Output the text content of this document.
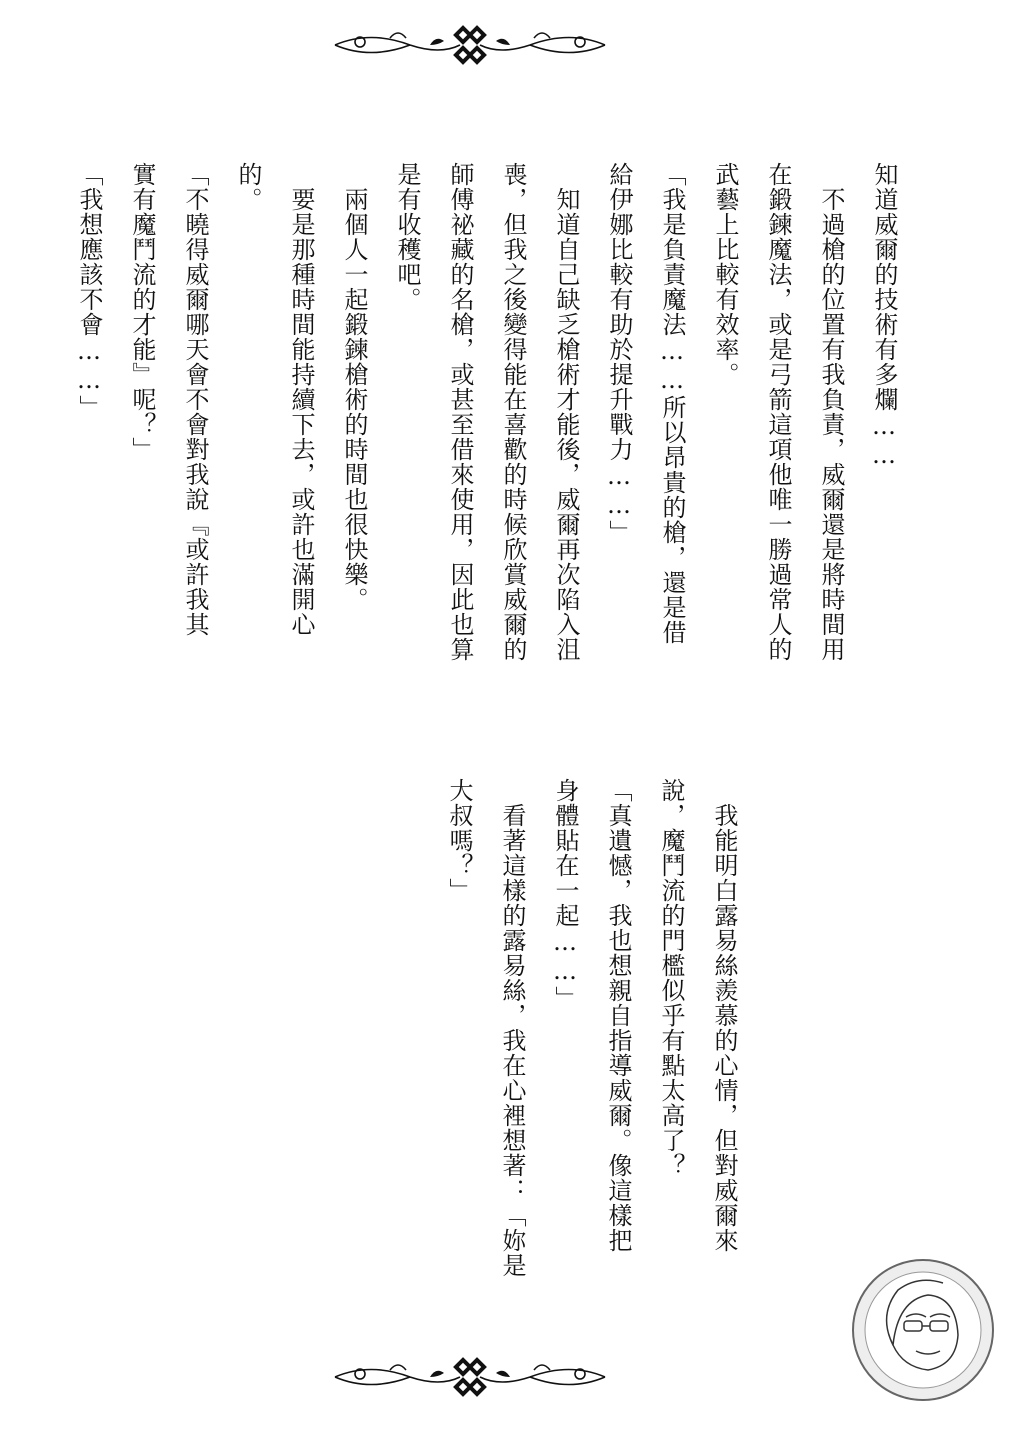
知道威爾的技術有多爛……
不過槍的位置有我負責，威爾還是將時間用
在鍛鍊魔法，或是弓箭這項他唯一勝過常人的
武藝上比較有效率。
「我是負責魔法……所以昂貴的槍，還是借
給伊娜比較有助於提升戰力……」
知道自己缺乏槍術才能後，威爾再次陷入沮
喪，但我之後變得能在喜歡的時候欣賞威爾的
師傅祕藏的名槍，或甚至借來使用，因此也算
是有收穫吧。
兩個人一起鍛鍊槍術的時間也很快樂。
要是那種時間能持續下去，或許也滿開心
的。
「不曉得威爾哪天會不會對我說『或許我其
實有魔鬥流的才能』呢？」
「我想應該不會……」
我能明白露易絲羨慕的心情，但對威爾來
說，魔鬥流的門檻似乎有點太高了？
「真遺憾，我也想親自指導威爾。像這樣把
身體貼在一起……」
看著這樣的露易絲，我在心裡想著：「妳是
大叔嗎？」
